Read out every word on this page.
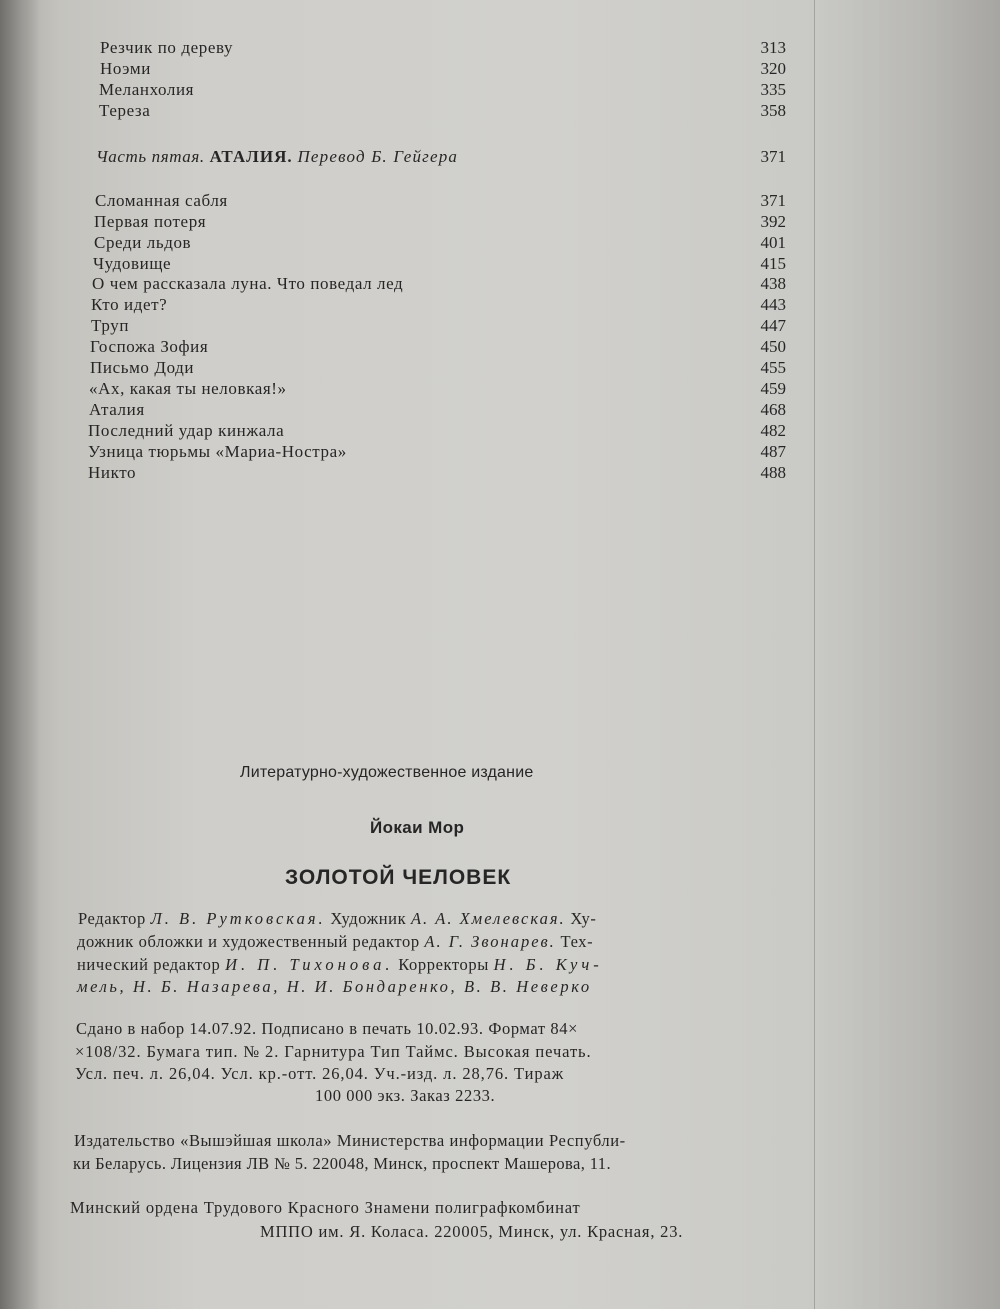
Резчик по дереву	313
Ноэми	320
Меланхолия	335
Тереза	358
Часть пятая. АТАЛИЯ. Перевод Б. Гейгера	371
Сломанная сабля	371
Первая потеря	392
Среди льдов	401
Чудовище	415
О чем рассказала луна. Что поведал лед	438
Кто идет?	443
Труп	447
Госпожа Зофия	450
Письмо Доди	455
«Ах, какая ты неловкая!»	459
Аталия	468
Последний удар кинжала	482
Узница тюрьмы «Мариа-Нострa»	487
Никто	488
Литературно-художественное издание
Йокаи Мор
ЗОЛОТОЙ ЧЕЛОВЕК
Редактор Л. В. Рутковская. Художник А. А. Хмелевская. Ху-
дожник обложки и художественный редактор А. Г. Звонарев. Тех-
нический редактор И. П. Тихонова. Корректоры Н. Б. Куч-
мель, Н. Б. Назарева, Н. И. Бондаренко, В. В. Неверко
Сдано в набор 14.07.92. Подписано в печать 10.02.93. Формат 84×
×108/32. Бумага тип. № 2. Гарнитура Тип Таймс. Высокая печать.
Усл. печ. л. 26,04. Усл. кр.-отт. 26,04. Уч.-изд. л. 28,76. Тираж
100 000 экз. Заказ 2233.
Издательство «Вышэйшая школа» Министерства информации Республи-
ки Беларусь. Лицензия ЛВ № 5. 220048, Минск, проспект Машерова, 11.
Минский ордена Трудового Красного Знамени полиграфкомбинат
МППО им. Я. Коласа. 220005, Минск, ул. Красная, 23.
